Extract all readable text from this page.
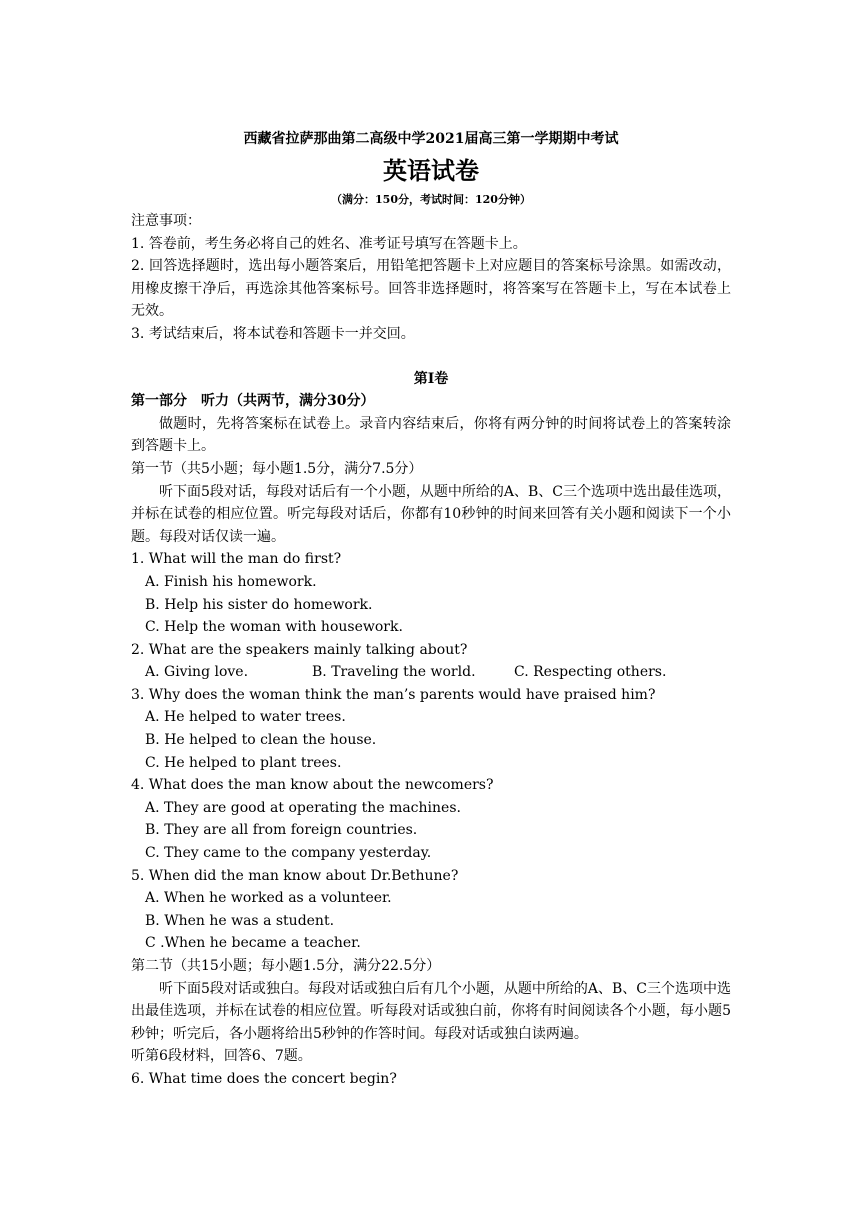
西藏省拉萨那曲第二高级中学2021届高三第一学期期中考试
英语试卷
（满分：150分，考试时间：120分钟）

注意事项：

1. 答卷前，考生务必将自己的姓名、准考证号填写在答题卡上。

2. 回答选择题时，选出每小题答案后，用铅笔把答题卡上对应题目的答案标号涂黑。如需改动，用橡皮擦干净后，再选涂其他答案标号。回答非选择题时，将答案写在答题卡上，写在本试卷上无效。

3. 考试结束后，将本试卷和答题卡一并交回。

第Ⅰ卷

第一部分　听力（共两节，满分30分）

做题时，先将答案标在试卷上。录音内容结束后，你将有两分钟的时间将试卷上的答案转涂到答题卡上。

第一节（共5小题；每小题1.5分，满分7.5分）

听下面5段对话，每段对话后有一个小题，从题中所给的A、B、C三个选项中选出最佳选项，并标在试卷的相应位置。听完每段对话后，你都有10秒钟的时间来回答有关小题和阅读下一个小题。每段对话仅读一遍。

1. What will the man do first?

A. Finish his homework.

B. Help his sister do homework.

C. Help the woman with housework.

2. What are the speakers mainly talking about?

A. Giving love.	B. Traveling the world.	C. Respecting others.

3. Why does the woman think the man’s parents would have praised him?

A. He helped to water trees.

B. He helped to clean the house.

C. He helped to plant trees.

4. What does the man know about the newcomers?

A. They are good at operating the machines.

B. They are all from foreign countries.

C. They came to the company yesterday.

5. When did the man know about Dr.Bethune?

A. When he worked as a volunteer.

B. When he was a student.

C .When he became a teacher.

第二节（共15小题；每小题1.5分，满分22.5分）

听下面5段对话或独白。每段对话或独白后有几个小题，从题中所给的A、B、C三个选项中选出最佳选项，并标在试卷的相应位置。听每段对话或独白前，你将有时间阅读各个小题，每小题5秒钟；听完后，各小题将给出5秒钟的作答时间。每段对话或独白读两遍。

听第6段材料，回答6、7题。

6. What time does the concert begin?
